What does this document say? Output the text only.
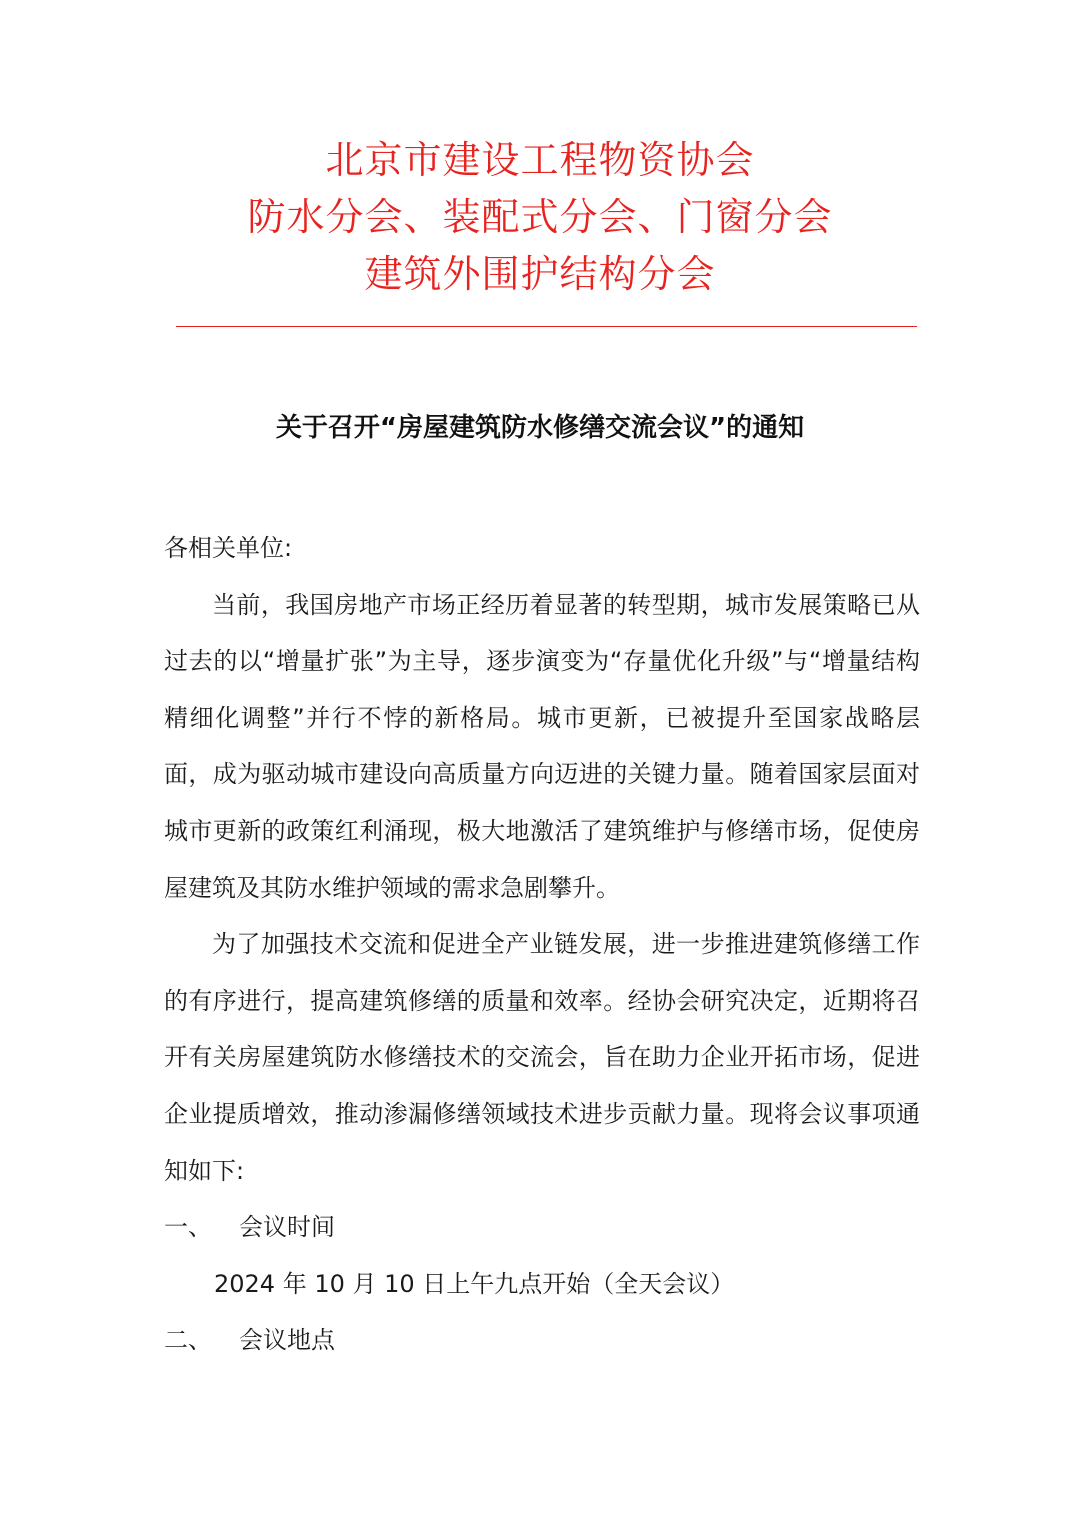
北京市建设工程物资协会
防水分会、装配式分会、门窗分会
建筑外围护结构分会
关于召开“房屋建筑防水修缮交流会议”的通知

各相关单位:

当前，我国房地产市场正经历着显著的转型期，城市发展策略已从过去的以“增量扩张”为主导，逐步演变为“存量优化升级”与“增量结构精细化调整”并行不悖的新格局。城市更新，已被提升至国家战略层面，成为驱动城市建设向高质量方向迈进的关键力量。随着国家层面对城市更新的政策红利涌现，极大地激活了建筑维护与修缮市场，促使房屋建筑及其防水维护领域的需求急剧攀升。

为了加强技术交流和促进全产业链发展，进一步推进建筑修缮工作的有序进行，提高建筑修缮的质量和效率。经协会研究决定，近期将召开有关房屋建筑防水修缮技术的交流会，旨在助力企业开拓市场，促进企业提质增效，推动渗漏修缮领域技术进步贡献力量。现将会议事项通知如下:

一、	会议时间

2024 年 10 月 10 日上午九点开始（全天会议）

二、	会议地点
